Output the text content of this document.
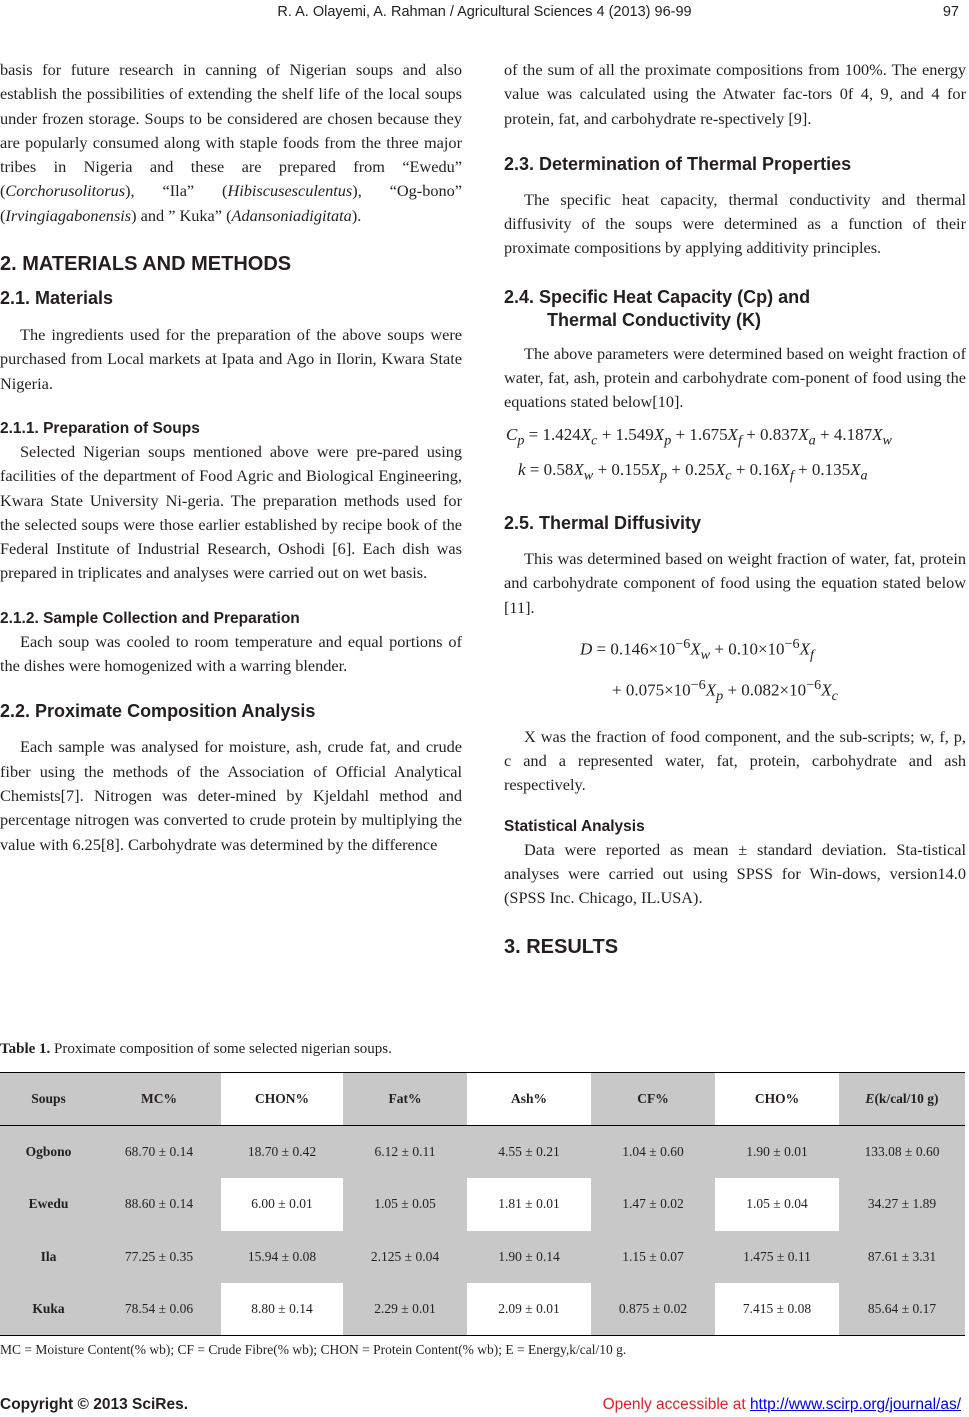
R. A. Olayemi, A. Rahman / Agricultural Sciences 4 (2013) 96-99	97

basis for future research in canning of Nigerian soups and also establish the possibilities of extending the shelf life of the local soups under frozen storage. Soups to be considered are chosen because they are popularly consumed along with staple foods from the three major tribes in Nigeria and these are prepared from “Ewedu” (Corchorusolitorus), “Ila” (Hibiscusesculentus), “Og-bono” (Irvingiagabonensis) and ” Kuka” (Adansoniadigitata).

2. MATERIALS AND METHODS
2.1. Materials

The ingredients used for the preparation of the above soups were purchased from Local markets at Ipata and Ago in Ilorin, Kwara State Nigeria.

2.1.1. Preparation of Soups

Selected Nigerian soups mentioned above were pre-pared using facilities of the department of Food Agric and Biological Engineering, Kwara State University Ni-geria. The preparation methods used for the selected soups were those earlier established by recipe book of the Federal Institute of Industrial Research, Oshodi [6]. Each dish was prepared in triplicates and analyses were carried out on wet basis.

2.1.2. Sample Collection and Preparation

Each soup was cooled to room temperature and equal portions of the dishes were homogenized with a warring blender.

2.2. Proximate Composition Analysis

Each sample was analysed for moisture, ash, crude fat, and crude fiber using the methods of the Association of Official Analytical Chemists[7]. Nitrogen was deter-mined by Kjeldahl method and percentage nitrogen was converted to crude protein by multiplying the value with 6.25[8]. Carbohydrate was determined by the difference

of the sum of all the proximate compositions from 100%. The energy value was calculated using the Atwater fac-tors 0f 4, 9, and 4 for protein, fat, and carbohydrate re-spectively [9].

2.3. Determination of Thermal Properties

The specific heat capacity, thermal conductivity and thermal diffusivity of the soups were determined as a function of their proximate compositions by applying additivity principles.

2.4. Specific Heat Capacity (Cp) and
Thermal Conductivity (K)

The above parameters were determined based on weight fraction of water, fat, ash, protein and carbohydrate com-ponent of food using the equations stated below[10].

$C_p = 1.424X_c + 1.549X_p + 1.675X_f + 0.837X_a + 4.187X_w$
$k = 0.58X_w + 0.155X_p + 0.25X_c + 0.16X_f + 0.135X_a$
2.5. Thermal Diffusivity

This was determined based on weight fraction of water, fat, protein and carbohydrate component of food using the equation stated below [11].

$D = 0.146\times 10^{-6}X_w + 0.10\times 10^{-6}X_f$
+ $0.075\times 10^{-6}X_p + 0.082\times 10^{-6}X_c$

X was the fraction of food component, and the sub-scripts; w, f, p, c and a represented water, fat, protein, carbohydrate and ash respectively.

Statistical Analysis

Data were reported as mean ± standard deviation. Sta-tistical analyses were carried out using SPSS for Win-dows, version14.0 (SPSS Inc. Chicago, IL.USA).

3. RESULTS
Table 1. Proximate composition of some selected nigerian soups.
Soups	MC%	CHON%	Fat%	Ash%	CF%	CHO%	E(k/cal/10 g)
Ogbono	68.70 ± 0.14	18.70 ± 0.42	6.12 ± 0.11	4.55 ± 0.21	1.04 ± 0.60	1.90 ± 0.01	133.08 ± 0.60
Ewedu	88.60 ± 0.14	6.00 ± 0.01	1.05 ± 0.05	1.81 ± 0.01	1.47 ± 0.02	1.05 ± 0.04	34.27 ± 1.89
Ila	77.25 ± 0.35	15.94 ± 0.08	2.125 ± 0.04	1.90 ± 0.14	1.15 ± 0.07	1.475 ± 0.11	87.61 ± 3.31
Kuka	78.54 ± 0.06	8.80 ± 0.14	2.29 ± 0.01	2.09 ± 0.01	0.875 ± 0.02	7.415 ± 0.08	85.64 ± 0.17
MC = Moisture Content(% wb); CF = Crude Fibre(% wb); CHON = Protein Content(% wb); E = Energy,k/cal/10 g.
Copyright © 2013 SciRes.	Openly accessible at http://www.scirp.org/journal/as/
